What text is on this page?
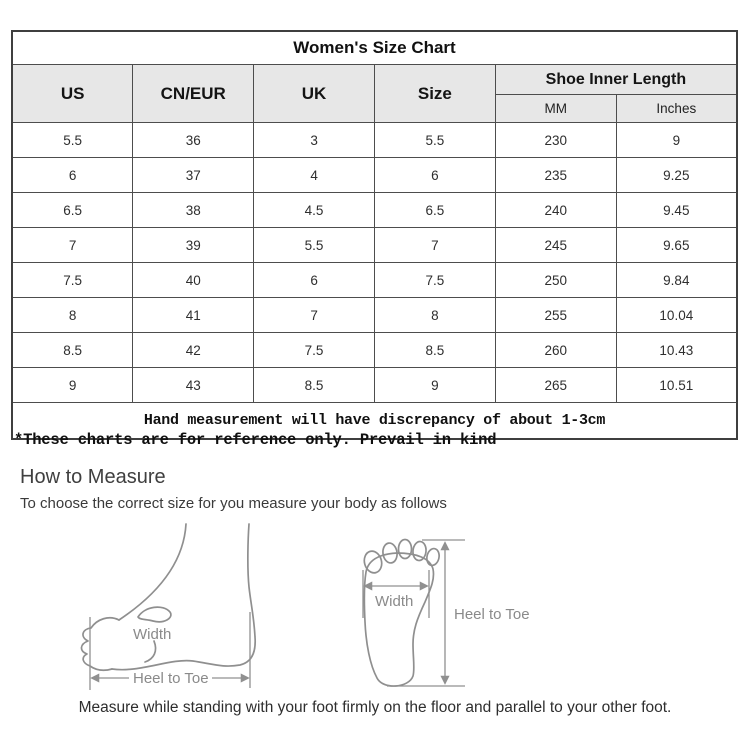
Women's Size Chart					
US	CN/EUR	UK	Size	Shoe Inner Length	
				MM	Inches
5.5	36	3	5.5	230	9
6	37	4	6	235	9.25
6.5	38	4.5	6.5	240	9.45
7	39	5.5	7	245	9.65
7.5	40	6	7.5	250	9.84
8	41	7	8	255	10.04
8.5	42	7.5	8.5	260	10.43
9	43	8.5	9	265	10.51
Hand measurement will have discrepancy of about 1-3cm					
*These charts are for reference only. Prevail in kind
How to Measure
To choose the correct size for you measure your body as follows
Width
Heel to Toe
Width
Heel to Toe
Measure while standing with your foot firmly on the floor and parallel to your other foot.
